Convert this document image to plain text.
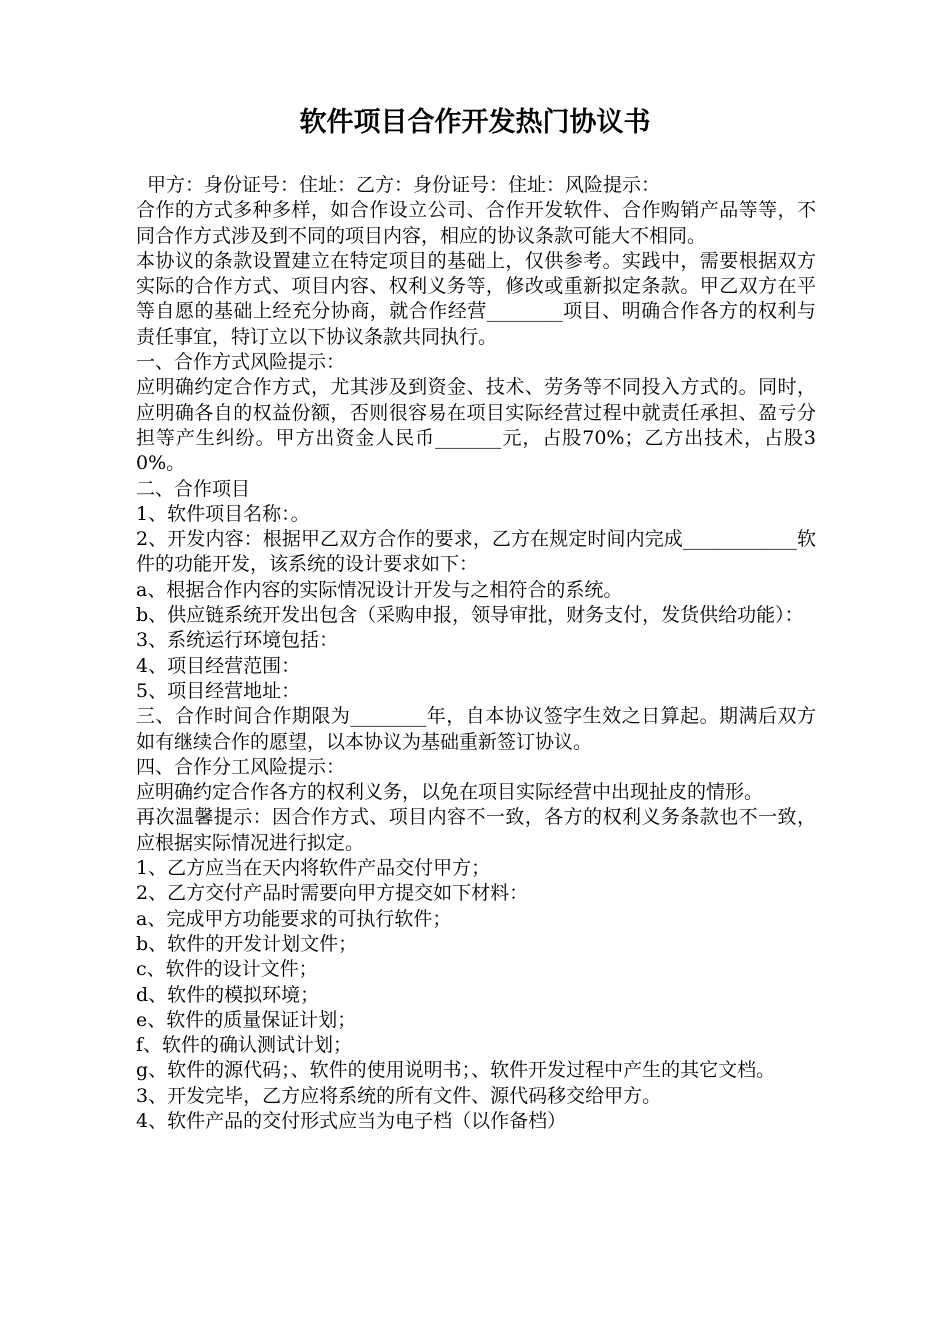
软件项目合作开发热门协议书

甲方：身份证号：住址：乙方：身份证号：住址：风险提示：

合作的方式多种多样，如合作设立公司、合作开发软件、合作购销产品等等，不同合作方式涉及到不同的项目内容，相应的协议条款可能大不相同。

本协议的条款设置建立在特定项目的基础上，仅供参考。实践中，需要根据双方实际的合作方式、项目内容、权利义务等，修改或重新拟定条款。甲乙双方在平等自愿的基础上经充分协商，就合作经营________项目、明确合作各方的权利与责任事宜，特订立以下协议条款共同执行。

一、合作方式风险提示：

应明确约定合作方式，尤其涉及到资金、技术、劳务等不同投入方式的。同时，应明确各自的权益份额，否则很容易在项目实际经营过程中就责任承担、盈亏分担等产生纠纷。甲方出资金人民币_______元，占股70%；乙方出技术，占股30%。

二、合作项目

1、软件项目名称：。

2、开发内容：根据甲乙双方合作的要求，乙方在规定时间内完成____________软件的功能开发，该系统的设计要求如下：

a、根据合作内容的实际情况设计开发与之相符合的系统。

b、供应链系统开发出包含（采购申报，领导审批，财务支付，发货供给功能）：

3、系统运行环境包括：

4、项目经营范围：

5、项目经营地址：

三、合作时间合作期限为________年，自本协议签字生效之日算起。期满后双方如有继续合作的愿望，以本协议为基础重新签订协议。

四、合作分工风险提示：

应明确约定合作各方的权利义务，以免在项目实际经营中出现扯皮的情形。

再次温馨提示：因合作方式、项目内容不一致，各方的权利义务条款也不一致，应根据实际情况进行拟定。

1、乙方应当在天内将软件产品交付甲方；

2、乙方交付产品时需要向甲方提交如下材料：

a、完成甲方功能要求的可执行软件；

b、软件的开发计划文件；

c、软件的设计文件；

d、软件的模拟环境；

e、软件的质量保证计划；

f、软件的确认测试计划；

g、软件的源代码；、软件的使用说明书；、软件开发过程中产生的其它文档。

3、开发完毕，乙方应将系统的所有文件、源代码移交给甲方。

4、软件产品的交付形式应当为电子档（以作备档）
